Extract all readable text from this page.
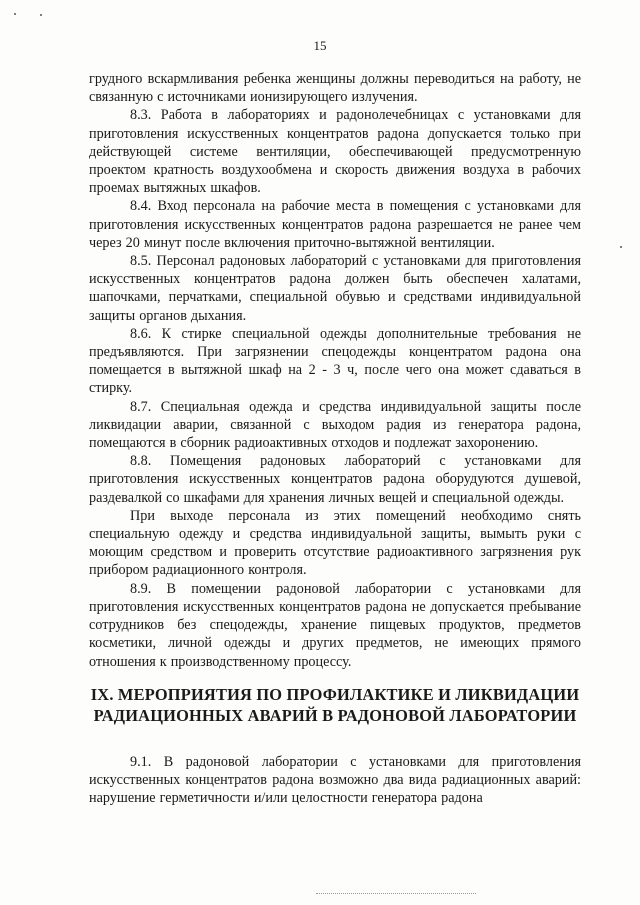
15

грудного вскармливания ребенка женщины должны переводиться на работу, не связанную с источниками ионизирующего излучения.

8.3. Работа в лабораториях и радонолечебницах с установками для приготовления искусственных концентратов радона допускается только при действующей системе вентиляции, обеспечивающей предусмотренную проектом кратность воздухообмена и скорость движения воздуха в рабочих проемах вытяжных шкафов.

8.4. Вход персонала на рабочие места в помещения с установками для приготовления искусственных концентратов радона разрешается не ранее чем через 20 минут после включения приточно-вытяжной вентиляции.

8.5. Персонал радоновых лабораторий с установками для приготовления искусственных концентратов радона должен быть обеспечен халатами, шапочками, перчатками, специальной обувью и средствами индивидуальной защиты органов дыхания.

8.6. К стирке специальной одежды дополнительные требования не предъявляются. При загрязнении спецодежды концентратом радона она помещается в вытяжной шкаф на 2 - 3 ч, после чего она может сдаваться в стирку.

8.7. Специальная одежда и средства индивидуальной защиты после ликвидации аварии, связанной с выходом радия из генератора радона, помещаются в сборник радиоактивных отходов и подлежат захоронению.

8.8. Помещения радоновых лабораторий с установками для приготовления искусственных концентратов радона оборудуются душевой, раздевалкой со шкафами для хранения личных вещей и специальной одежды.

При выходе персонала из этих помещений необходимо снять специальную одежду и средства индивидуальной защиты, вымыть руки с моющим средством и проверить отсутствие радиоактивного загрязнения рук прибором радиационного контроля.

8.9. В помещении радоновой лаборатории с установками для приготовления искусственных концентратов радона не допускается пребывание сотрудников без спецодежды, хранение пищевых продуктов, предметов косметики, личной одежды и других предметов, не имеющих прямого отношения к производственному процессу.

IX. МЕРОПРИЯТИЯ ПО ПРОФИЛАКТИКЕ И ЛИКВИДАЦИИ
РАДИАЦИОННЫХ АВАРИЙ В РАДОНОВОЙ ЛАБОРАТОРИИ

9.1. В радоновой лаборатории с установками для приготовления искусственных концентратов радона возможно два вида радиационных аварий: нарушение герметичности и/или целостности генератора радона
